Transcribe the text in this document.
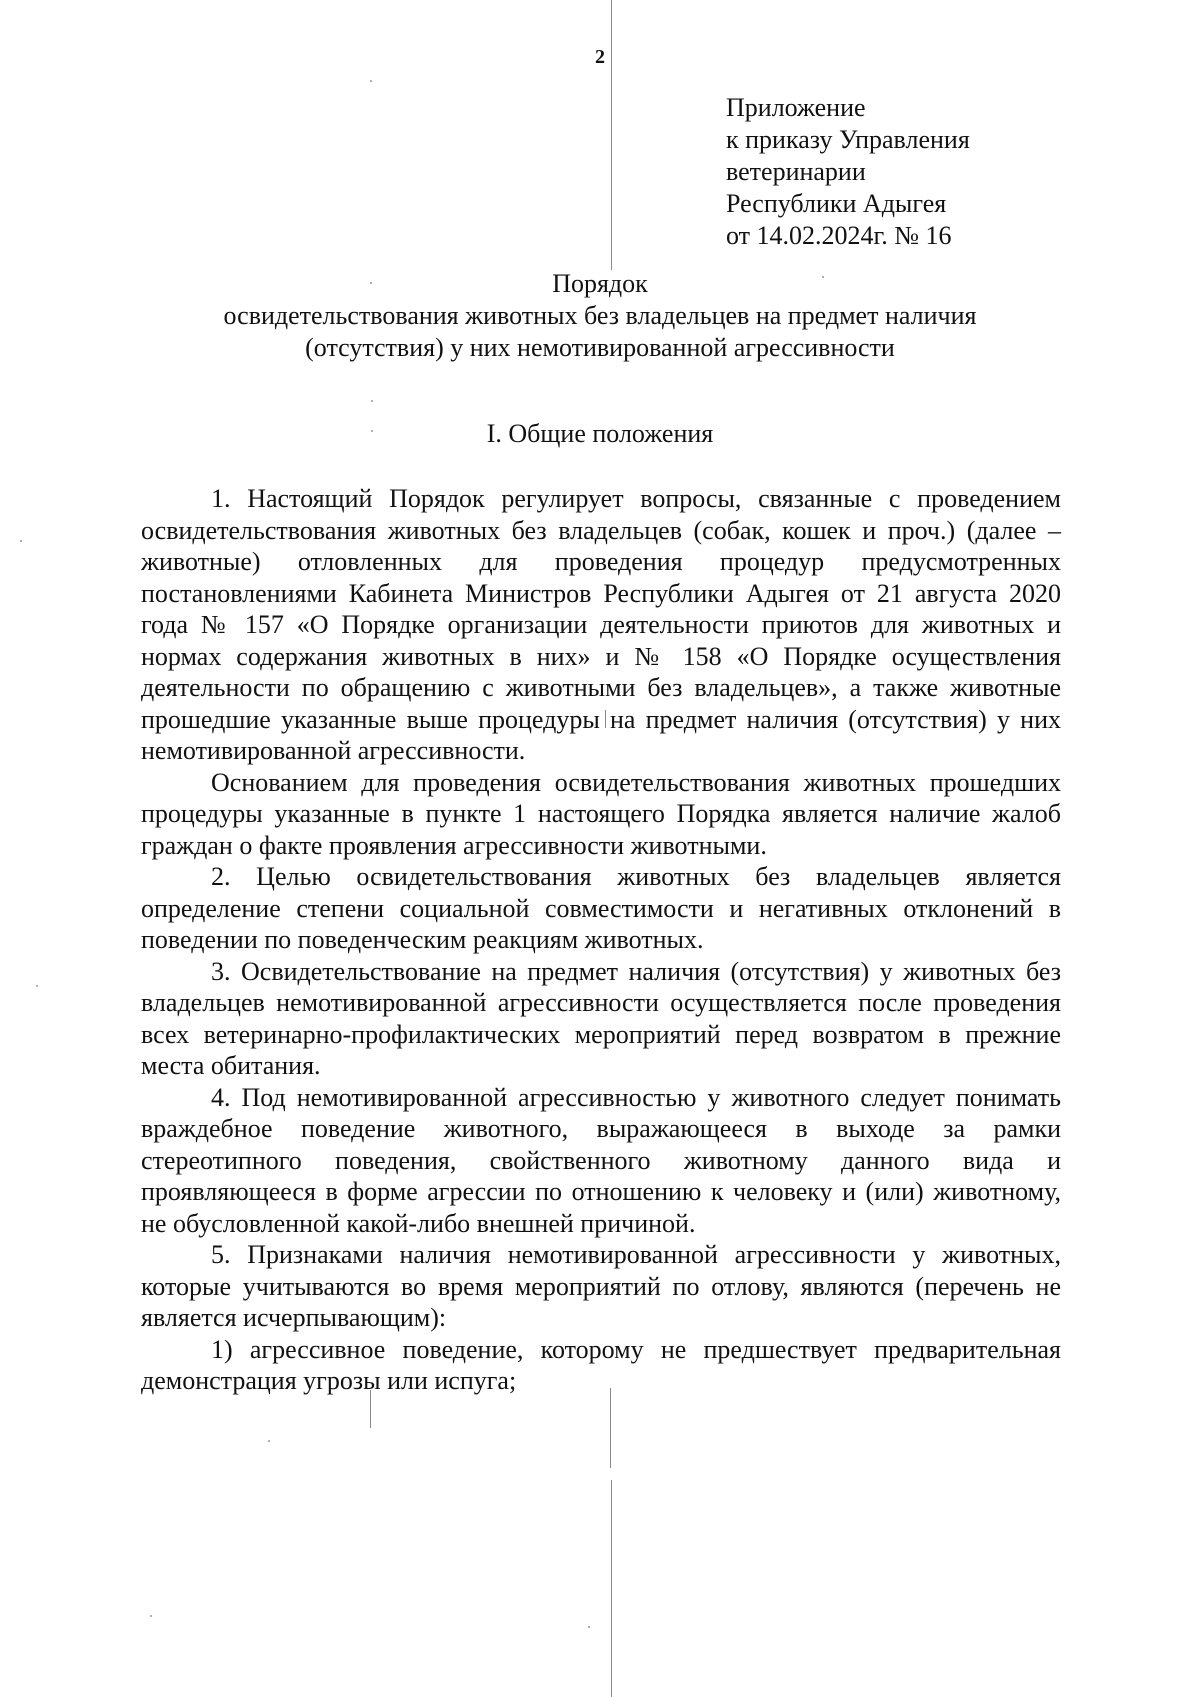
2
Приложение
к приказу Управления
ветеринарии
Республики Адыгея
от 14.02.2024г. № 16
Порядок
освидетельствования животных без владельцев на предмет наличия
(отсутствия) у них немотивированной агрессивности
I. Общие положения

1. Настоящий Порядок регулирует вопросы, связанные с проведением освидетельствования животных без владельцев (собак, кошек и проч.) (далее – животные) отловленных для проведения процедур предусмотренных постановлениями Кабинета Министров Республики Адыгея от 21 августа 2020 года № 157 «О Порядке организации деятельности приютов для животных и нормах содержания животных в них» и № 158 «О Порядке осуществления деятельности по обращению с животными без владельцев», а также животные прошедшие указанные выше процедуры на предмет наличия (отсутствия) у них немотивированной агрессивности.

Основанием для проведения освидетельствования животных прошедших процедуры указанные в пункте 1 настоящего Порядка является наличие жалоб граждан о факте проявления агрессивности животными.

2. Целью освидетельствования животных без владельцев является определение степени социальной совместимости и негативных отклонений в поведении по поведенческим реакциям животных.

3. Освидетельствование на предмет наличия (отсутствия) у животных без владельцев немотивированной агрессивности осуществляется после проведения всех ветеринарно-профилактических мероприятий перед возвратом в прежние места обитания.

4. Под немотивированной агрессивностью у животного следует понимать враждебное поведение животного, выражающееся в выходе за рамки стереотипного поведения, свойственного животному данного вида и проявляющееся в форме агрессии по отношению к человеку и (или) животному, не обусловленной какой-либо внешней причиной.

5. Признаками наличия немотивированной агрессивности у животных, которые учитываются во время мероприятий по отлову, являются (перечень не является исчерпывающим):

1) агрессивное поведение, которому не предшествует предварительная демонстрация угрозы или испуга;
